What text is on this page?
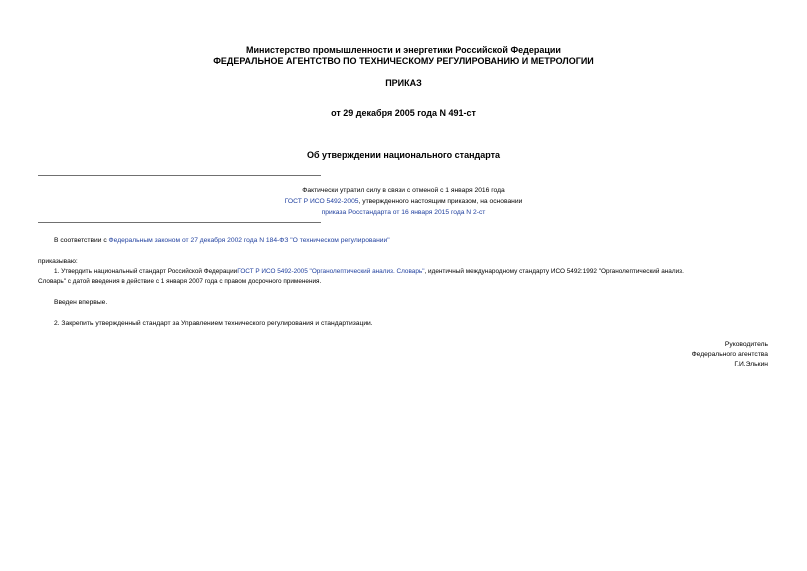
Министерство промышленности и энергетики Российской Федерации
ФЕДЕРАЛЬНОЕ АГЕНТСТВО ПО ТЕХНИЧЕСКОМУ РЕГУЛИРОВАНИЮ И МЕТРОЛОГИИ
ПРИКАЗ
от 29 декабря 2005 года N 491-ст
Об утверждении национального стандарта
Фактически утратил силу в связи с отменой с 1 января 2016 года
ГОСТ Р ИСО 5492-2005, утвержденного настоящим приказом, на основании
приказа Росстандарта от 16 января 2015 года N 2-ст
В соответствии с Федеральным законом от 27 декабря 2002 года N 184-ФЗ "О техническом регулировании"
приказываю:
1. Утвердить национальный стандарт Российской ФедерацииГОСТ Р ИСО 5492-2005 "Органолептический анализ. Словарь", идентичный международному стандарту ИСО 5492:1992 "Органолептический анализ.
Словарь" с датой введения в действие с 1 января 2007 года с правом досрочного применения.
Введен впервые.
2. Закрепить утвержденный стандарт за Управлением технического регулирования и стандартизации.
Руководитель
Федерального агентства
Г.И.Элькин
